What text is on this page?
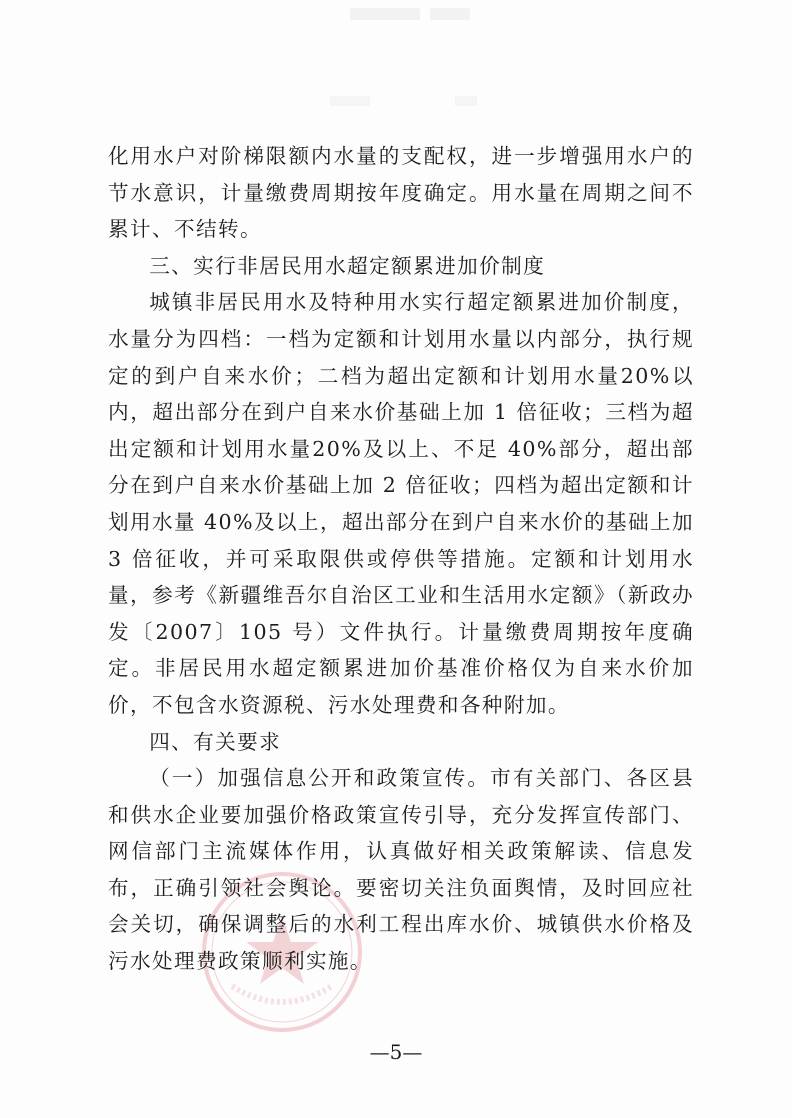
化用水户对阶梯限额内水量的支配权，进一步增强用水户的节水意识，计量缴费周期按年度确定。用水量在周期之间不累计、不结转。

三、实行非居民用水超定额累进加价制度

城镇非居民用水及特种用水实行超定额累进加价制度，水量分为四档：一档为定额和计划用水量以内部分，执行规定的到户自来水价；二档为超出定额和计划用水量20%以内，超出部分在到户自来水价基础上加 1 倍征收；三档为超出定额和计划用水量20%及以上、不足 40%部分，超出部分在到户自来水价基础上加 2 倍征收；四档为超出定额和计划用水量 40%及以上，超出部分在到户自来水价的基础上加 3 倍征收，并可采取限供或停供等措施。定额和计划用水量，参考《新疆维吾尔自治区工业和生活用水定额》（新政办发〔2007〕105 号）文件执行。计量缴费周期按年度确定。非居民用水超定额累进加价基准价格仅为自来水价加价，不包含水资源税、污水处理费和各种附加。

四、有关要求

（一）加强信息公开和政策宣传。市有关部门、各区县和供水企业要加强价格政策宣传引导，充分发挥宣传部门、网信部门主流媒体作用，认真做好相关政策解读、信息发布，正确引领社会舆论。要密切关注负面舆情，及时回应社会关切，确保调整后的水利工程出库水价、城镇供水价格及污水处理费政策顺利实施。

—5—
